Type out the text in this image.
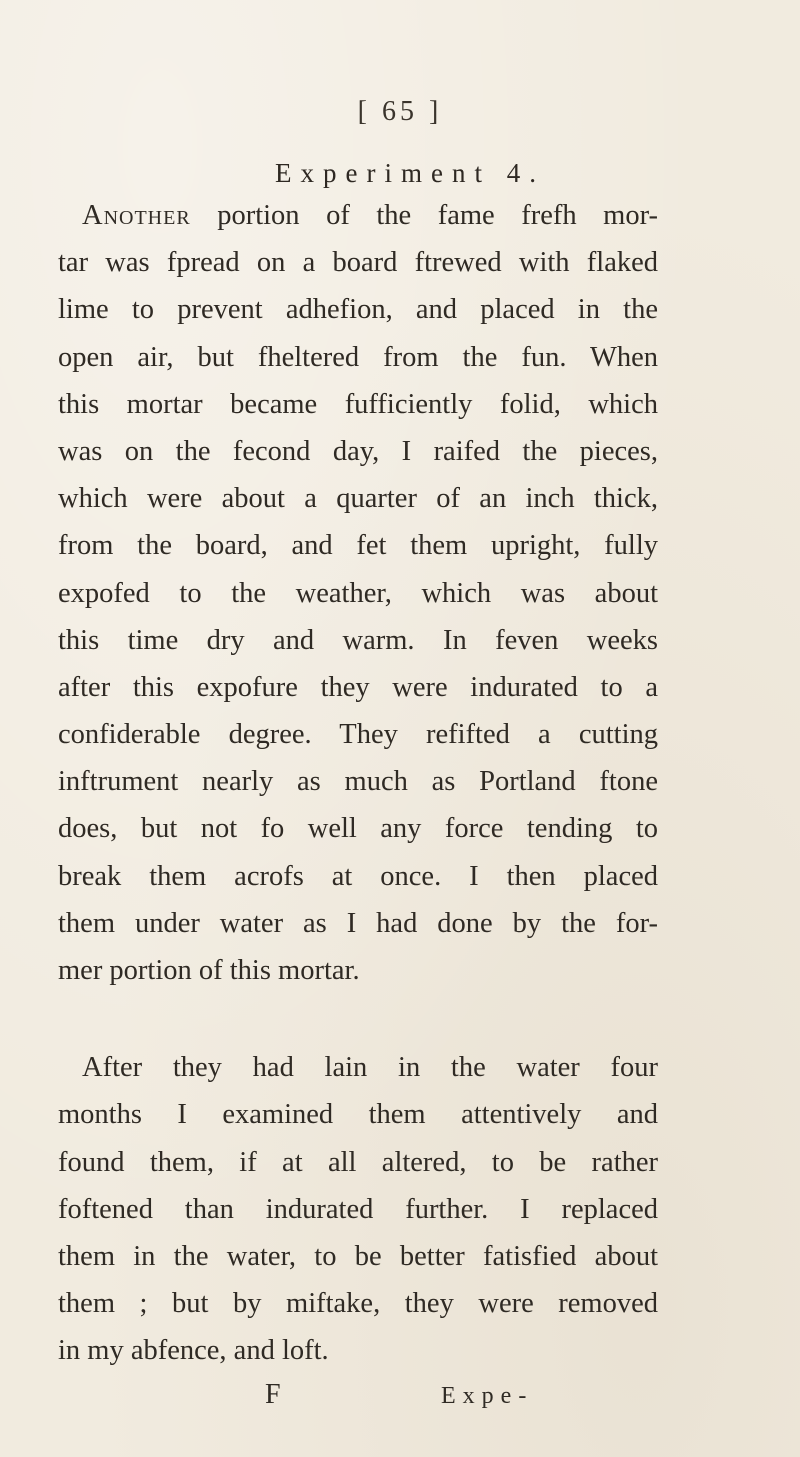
[ 65 ]
Experiment 4.
Another portion of the fame frefh mor-
tar was fpread on a board ftrewed with flaked
lime to prevent adhefion, and placed in the
open air, but fheltered from the fun. When
this mortar became fufficiently folid, which
was on the fecond day, I raifed the pieces,
which were about a quarter of an inch thick,
from the board, and fet them upright, fully
expofed to the weather, which was about
this time dry and warm. In feven weeks
after this expofure they were indurated to a
confiderable degree. They refifted a cutting
inftrument nearly as much as Portland ftone
does, but not fo well any force tending to
break them acrofs at once. I then placed
them under water as I had done by the for-
mer portion of this mortar.
After they had lain in the water four
months I examined them attentively and
found them, if at all altered, to be rather
foftened than indurated further. I replaced
them in the water, to be better fatisfied about
them ; but by miftake, they were removed
in my abfence, and loft.
F	Expe-
